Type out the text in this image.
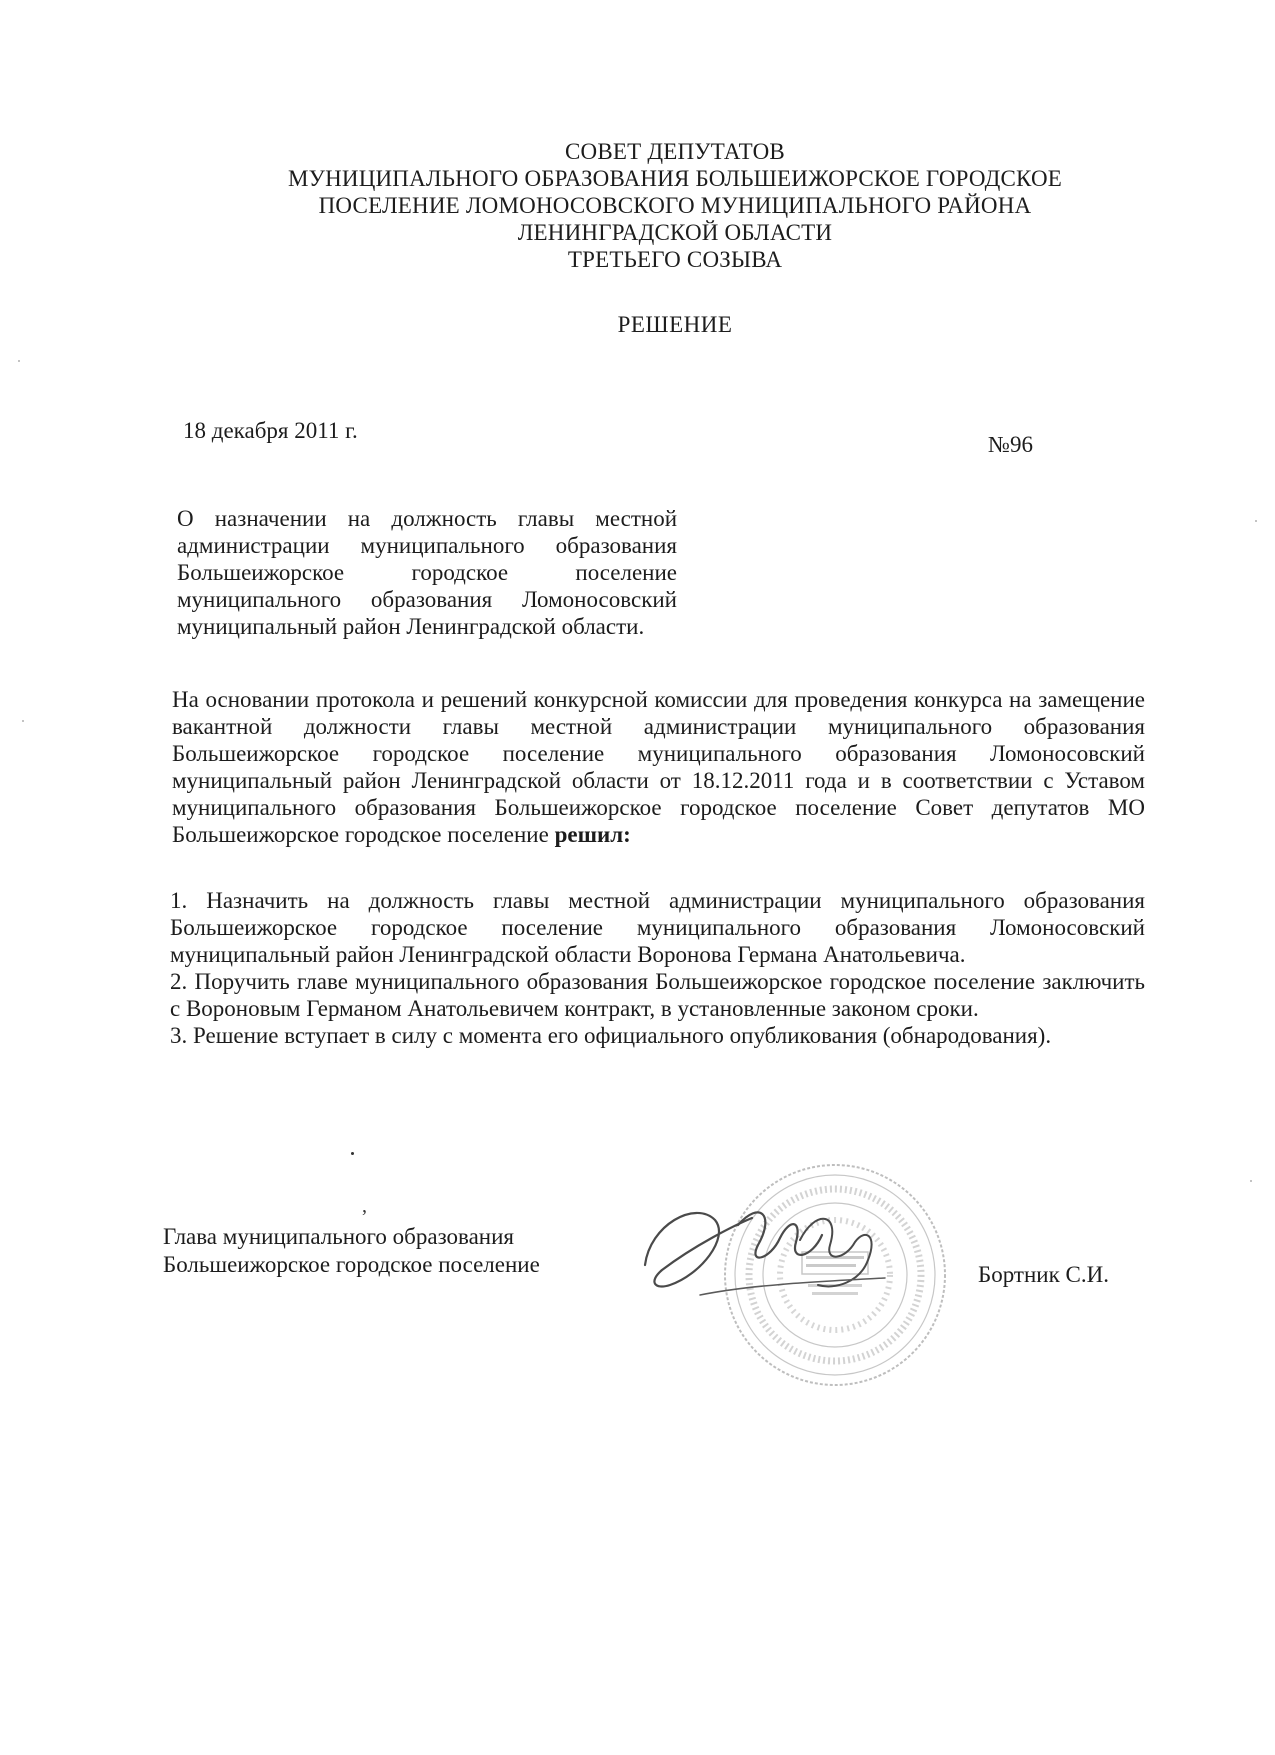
СОВЕТ ДЕПУТАТОВ
МУНИЦИПАЛЬНОГО ОБРАЗОВАНИЯ БОЛЬШЕИЖОРСКОЕ ГОРОДСКОЕ
ПОСЕЛЕНИЕ ЛОМОНОСОВСКОГО МУНИЦИПАЛЬНОГО РАЙОНА
ЛЕНИНГРАДСКОЙ ОБЛАСТИ
ТРЕТЬЕГО СОЗЫВА
РЕШЕНИЕ
18 декабря 2011 г.
№96
О назначении на должность главы местной
администрации муниципального образования
Большеижорское городское поселение
муниципального образования Ломоносовский
муниципальный район Ленинградской области.
На основании протокола и решений конкурсной комиссии для проведения конкурса на замещение вакантной должности главы местной администрации муниципального образования Большеижорское городское поселение муниципального образования Ломоносовский муниципальный район Ленинградской области от 18.12.2011 года и в соответствии с Уставом муниципального образования Большеижорское городское поселение Совет депутатов МО Большеижорское городское поселение решил:
1. Назначить на должность главы местной администрации муниципального образования Большеижорское городское поселение муниципального образования Ломоносовский муниципальный район Ленинградской области Воронова Германа Анатольевича.
2. Поручить главе муниципального образования Большеижорское городское поселение заключить с Вороновым Германом Анатольевичем контракт, в установленные законом сроки.
3. Решение вступает в силу с момента его официального опубликования (обнародования).
,
Глава муниципального образования
Большеижорское городское поселение	Бортник С.И.
